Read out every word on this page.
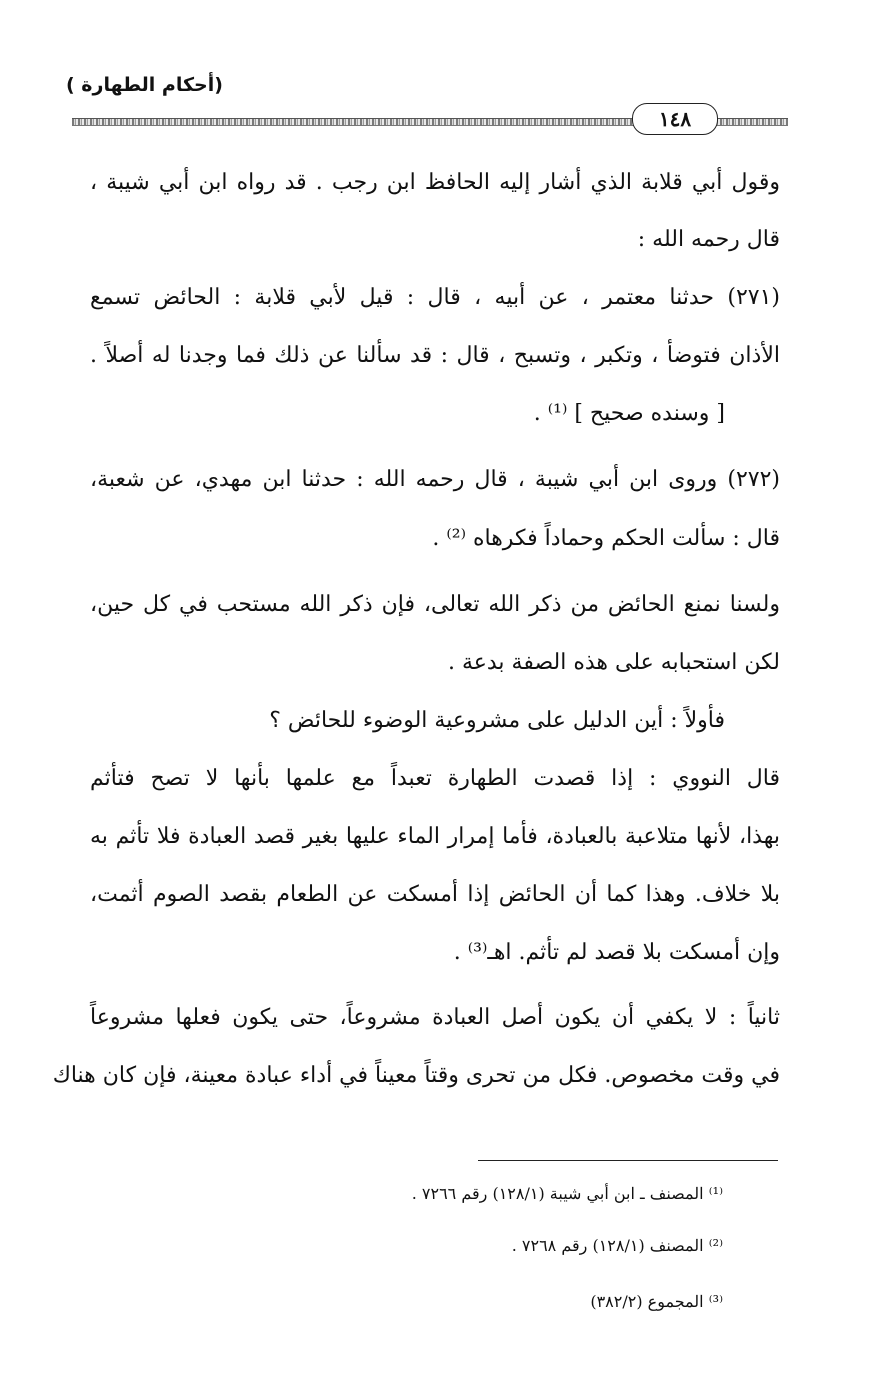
(أحكام الطهارة )
١٤٨
وقول أبي قلابة الذي أشار إليه الحافظ ابن رجب . قد رواه ابن أبي شيبة ،
قال رحمه الله :
(٢٧١) حدثنا معتمر ، عن أبيه ، قال : قيل لأبي قلابة : الحائض تسمع
الأذان فتوضأ ، وتكبر ، وتسبح ، قال : قد سألنا عن ذلك فما وجدنا له أصلاً .
[ وسنده صحيح ] ⁽¹⁾ .
(٢٧٢) وروى ابن أبي شيبة ، قال رحمه الله : حدثنا ابن مهدي، عن شعبة،
قال : سألت الحكم وحماداً فكرهاه ⁽²⁾ .
ولسنا نمنع الحائض من ذكر الله تعالى، فإن ذكر الله مستحب في كل حين،
لكن استحبابه على هذه الصفة بدعة .
فأولاً : أين الدليل على مشروعية الوضوء للحائض ؟
قال النووي : إذا قصدت الطهارة تعبداً مع علمها بأنها لا تصح فتأثم
بهذا، لأنها متلاعبة بالعبادة، فأما إمرار الماء عليها بغير قصد العبادة فلا تأثم به
بلا خلاف. وهذا كما أن الحائض إذا أمسكت عن الطعام بقصد الصوم أثمت،
وإن أمسكت بلا قصد لم تأثم. اهـ⁽³⁾ .
ثانياً : لا يكفي أن يكون أصل العبادة مشروعاً، حتى يكون فعلها مشروعاً
في وقت مخصوص. فكل من تحرى وقتاً معيناً في أداء عبادة معينة، فإن كان هناك
⁽¹⁾ المصنف ـ ابن أبي شيبة (١٢٨/١) رقم ٧٢٦٦ .
⁽²⁾ المصنف (١٢٨/١) رقم ٧٢٦٨ .
⁽³⁾ المجموع (٣٨٢/٢)
